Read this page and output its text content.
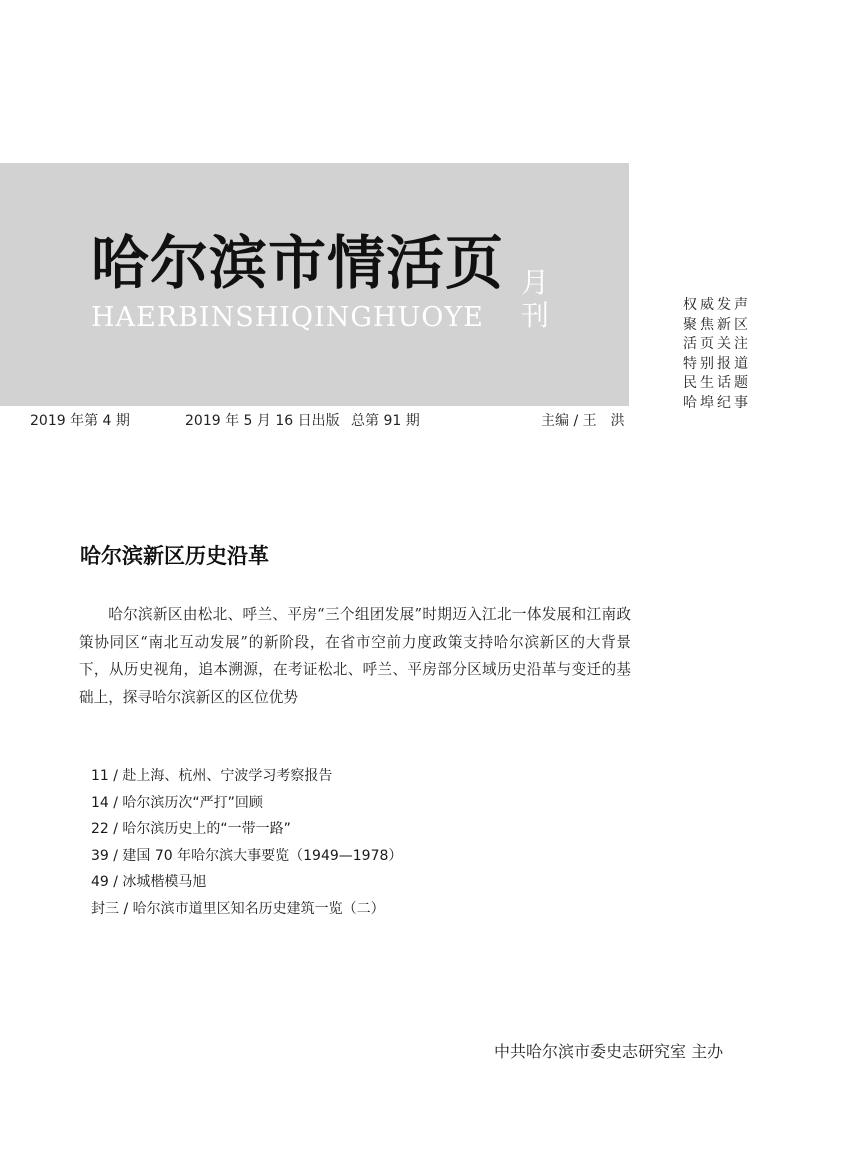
哈尔滨市情活页
HAERBINSHIQINGHUOYE
月
刊	权威发声
聚焦新区
活页关注
特别报道
民生话题
哈埠纪事
2019 年第 4 期	2019 年 5 月 16 日出版 总第 91 期	主编 / 王　洪
哈尔滨新区历史沿革

哈尔滨新区由松北、呼兰、平房“三个组团发展”时期迈入江北一体发展和江南政策协同区“南北互动发展”的新阶段，在省市空前力度政策支持哈尔滨新区的大背景下，从历史视角，追本溯源，在考证松北、呼兰、平房部分区域历史沿革与变迁的基础上，探寻哈尔滨新区的区位优势

11 / 赴上海、杭州、宁波学习考察报告
14 / 哈尔滨历次“严打”回顾
22 / 哈尔滨历史上的“一带一路”
39 / 建国 70 年哈尔滨大事要览（1949—1978）
49 / 冰城楷模马旭
封三 / 哈尔滨市道里区知名历史建筑一览（二）
中共哈尔滨市委史志研究室 主办
